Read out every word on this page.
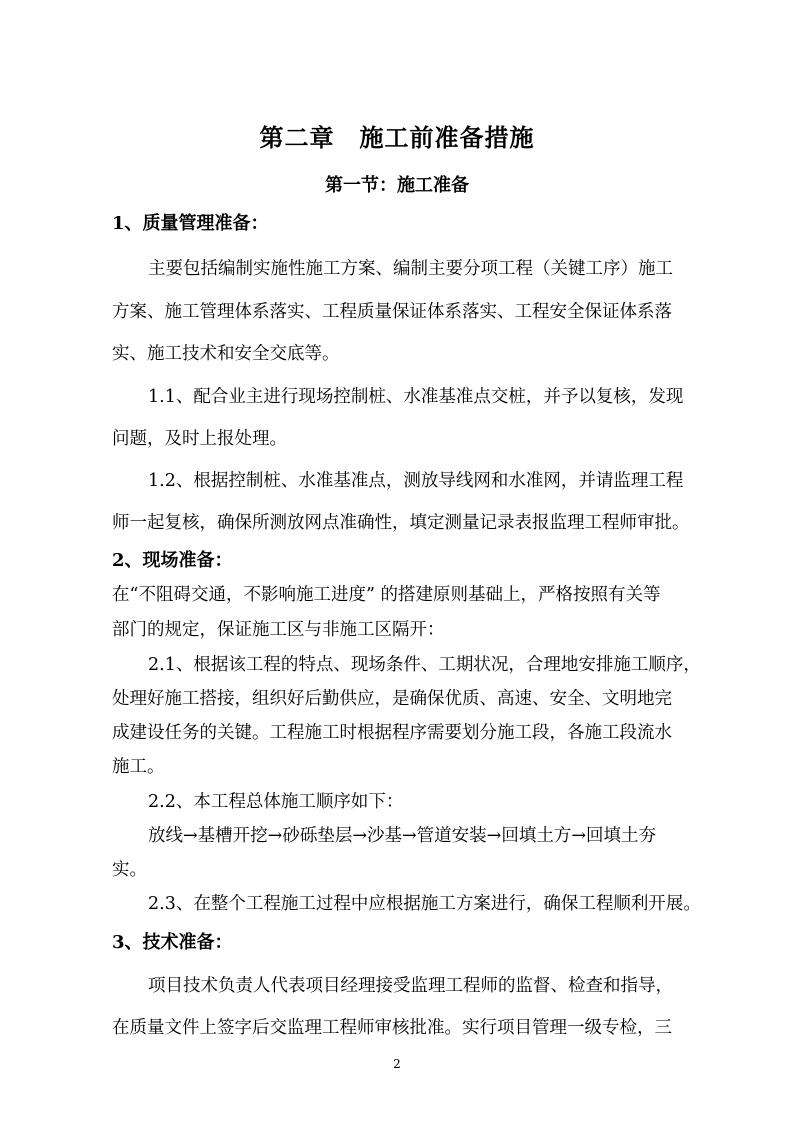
第二章　施工前准备措施
第一节：施工准备
1、质量管理准备：
主要包括编制实施性施工方案、编制主要分项工程（关键工序）施工
方案、施工管理体系落实、工程质量保证体系落实、工程安全保证体系落
实、施工技术和安全交底等。
1.1、配合业主进行现场控制桩、水准基准点交桩，并予以复核，发现
问题，及时上报处理。
1.2、根据控制桩、水准基准点，测放导线网和水准网，并请监理工程
师一起复核，确保所测放网点准确性，填定测量记录表报监理工程师审批。
2、现场准备：
在“不阻碍交通，不影响施工进度” 的搭建原则基础上，严格按照有关等
部门的规定，保证施工区与非施工区隔开：
2.1、根据该工程的特点、现场条件、工期状况，合理地安排施工顺序，
处理好施工搭接，组织好后勤供应，是确保优质、高速、安全、文明地完
成建设任务的关键。工程施工时根据程序需要划分施工段，各施工段流水
施工。
2.2、本工程总体施工顺序如下：
放线→基槽开挖→砂砾垫层→沙基→管道安装→回填土方→回填土夯
实。
2.3、在整个工程施工过程中应根据施工方案进行，确保工程顺利开展。
3、技术准备：
项目技术负责人代表项目经理接受监理工程师的监督、检查和指导，
在质量文件上签字后交监理工程师审核批准。实行项目管理一级专检，三
2
